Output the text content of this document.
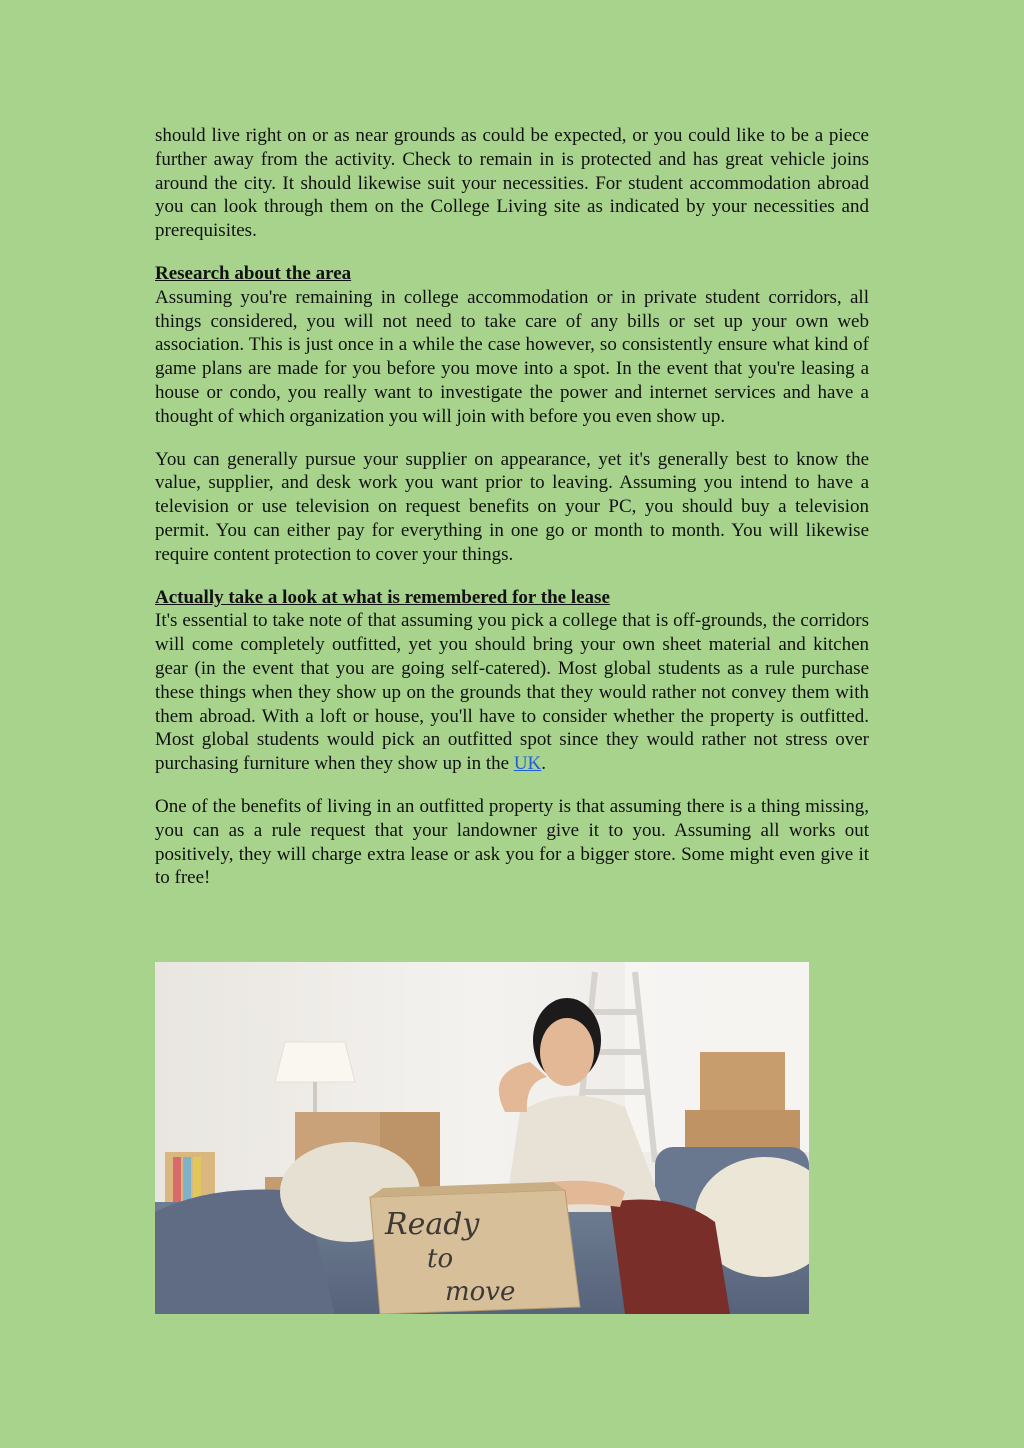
should live right on or as near grounds as could be expected, or you could like to be a piece further away from the activity. Check to remain in is protected and has great vehicle joins around the city. It should likewise suit your necessities. For student accommodation abroad you can look through them on the College Living site as indicated by your necessities and prerequisites.

Research about the area

Assuming you're remaining in college accommodation or in private student corridors, all things considered, you will not need to take care of any bills or set up your own web association. This is just once in a while the case however, so consistently ensure what kind of game plans are made for you before you move into a spot. In the event that you're leasing a house or condo, you really want to investigate the power and internet services and have a thought of which organization you will join with before you even show up.

You can generally pursue your supplier on appearance, yet it's generally best to know the value, supplier, and desk work you want prior to leaving. Assuming you intend to have a television or use television on request benefits on your PC, you should buy a television permit. You can either pay for everything in one go or month to month. You will likewise require content protection to cover your things.

Actually take a look at what is remembered for the lease

It's essential to take note of that assuming you pick a college that is off-grounds, the corridors will come completely outfitted, yet you should bring your own sheet material and kitchen gear (in the event that you are going self-catered). Most global students as a rule purchase these things when they show up on the grounds that they would rather not convey them with them abroad. With a loft or house, you'll have to consider whether the property is outfitted. Most global students would pick an outfitted spot since they would rather not stress over purchasing furniture when they show up in the UK.

One of the benefits of living in an outfitted property is that assuming there is a thing missing, you can as a rule request that your landowner give it to you. Assuming all works out positively, they will charge extra lease or ask you for a bigger store. Some might even give it to free!

Ready
to
move
